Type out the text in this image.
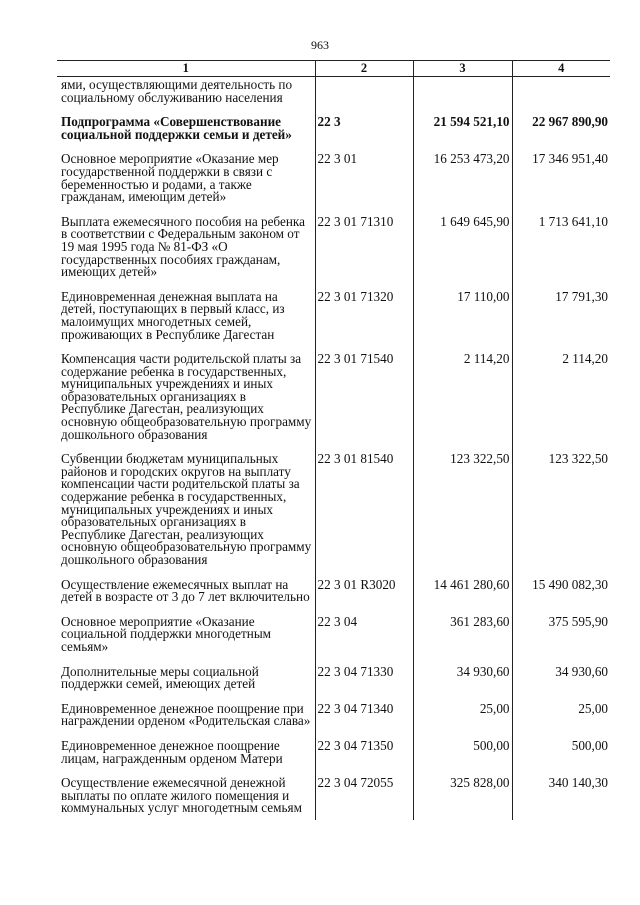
963
1	2	3	4
ями, осуществляющими деятельность по социальному обслуживанию населения			
Подпрограмма «Совершенствование социальной поддержки семьи и детей»	22 3	21 594 521,10	22 967 890,90
Основное мероприятие «Оказание мер государственной поддержки в связи с беременностью и родами, а также гражданам, имеющим детей»	22 3 01	16 253 473,20	17 346 951,40
Выплата ежемесячного пособия на ребенка в соответствии с Федеральным законом от 19 мая 1995 года № 81-ФЗ «О государственных пособиях гражданам, имеющих детей»	22 3 01 71310	1 649 645,90	1 713 641,10
Единовременная денежная выплата на детей, поступающих в первый класс, из малоимущих многодетных семей, проживающих в Республике Дагестан	22 3 01 71320	17 110,00	17 791,30
Компенсация части родительской платы за содержание ребенка в государственных, муниципальных учреждениях и иных образовательных организациях в Республике Дагестан, реализующих основную общеобразовательную программу дошкольного образования	22 3 01 71540	2 114,20	2 114,20
Субвенции бюджетам муниципальных районов и городских округов на выплату компенсации части родительской платы за содержание ребенка в государственных, муниципальных учреждениях и иных образовательных организациях в Республике Дагестан, реализующих основную общеобразовательную программу дошкольного образования	22 3 01 81540	123 322,50	123 322,50
Осуществление ежемесячных выплат на детей в возрасте от 3 до 7 лет включительно	22 3 01 R3020	14 461 280,60	15 490 082,30
Основное мероприятие «Оказание социальной поддержки многодетным семьям»	22 3 04	361 283,60	375 595,90
Дополнительные меры социальной поддержки семей, имеющих детей	22 3 04 71330	34 930,60	34 930,60
Единовременное денежное поощрение при награждении орденом «Родительская слава»	22 3 04 71340	25,00	25,00
Единовременное денежное поощрение лицам, награжденным орденом Матери	22 3 04 71350	500,00	500,00
Осуществление ежемесячной денежной выплаты по оплате жилого помещения и коммунальных услуг многодетным семьям	22 3 04 72055	325 828,00	340 140,30
